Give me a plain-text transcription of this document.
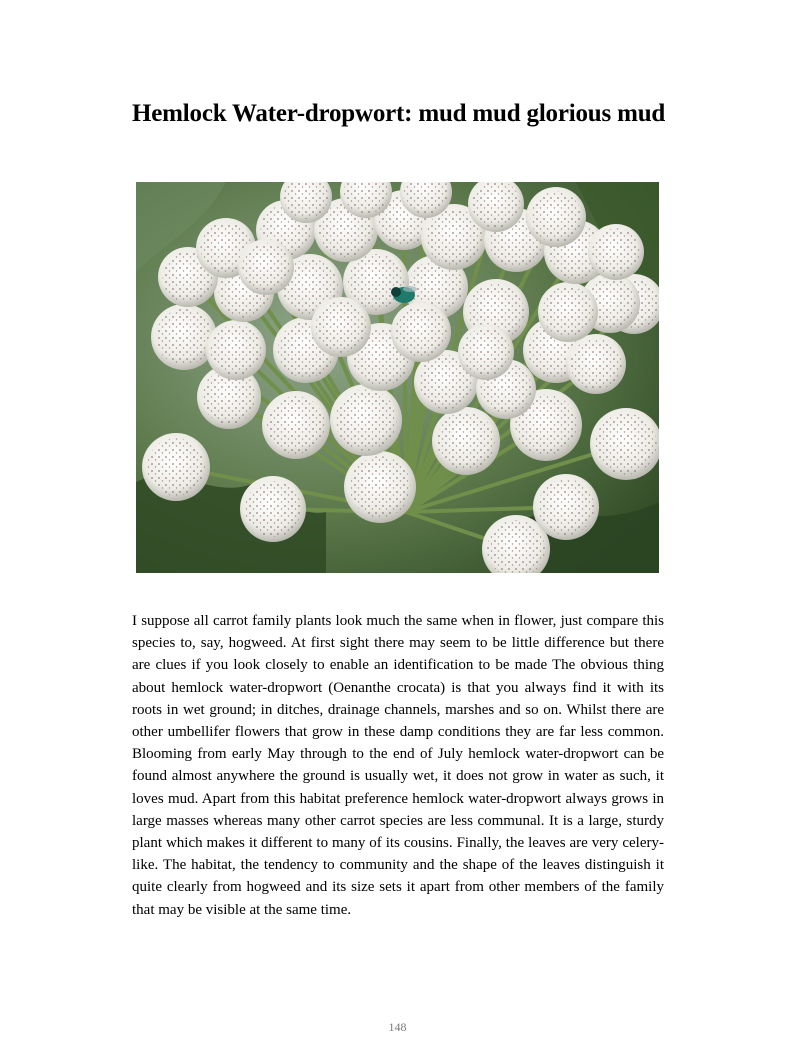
Hemlock Water-dropwort: mud mud glorious mud

I suppose all carrot family plants look much the same when in flower, just compare this species to, say, hogweed. At first sight there may seem to be little difference but there are clues if you look closely to enable an identification to be made The obvious thing about hemlock water-dropwort (Oenanthe crocata) is that you always find it with its roots in wet ground; in ditches, drainage channels, marshes and so on. Whilst there are other umbellifer flowers that grow in these damp conditions they are far less common. Blooming from early May through to the end of July hemlock water-dropwort can be found almost anywhere the ground is usually wet, it does not grow in water as such, it loves mud. Apart from this habitat preference hemlock water-dropwort always grows in large masses whereas many other carrot species are less communal. It is a large, sturdy plant which makes it different to many of its cousins. Finally, the leaves are very celery-like. The habitat, the tendency to community and the shape of the leaves distinguish it quite clearly from hogweed and its size sets it apart from other members of the family that may be visible at the same time.

148
